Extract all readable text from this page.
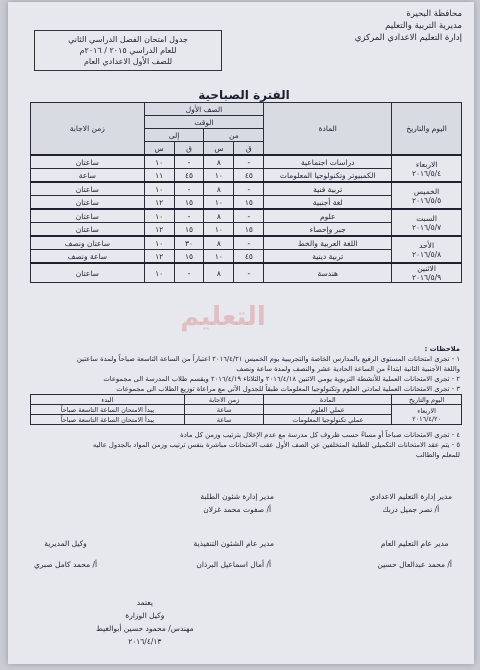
محافظة البحيرة
مديرية التربية والتعليم
إدارة التعليم الاعدادي المركزي
جدول امتحان الفصل الدراسي الثاني
للعام الدراسي ٢٠١٥ / ٢٠١٦م
للصف الأول الاعدادي العام
الفترة الصباحية
اليوم والتاريخ	المادة	الصف الأول				زمن الاجابة
		الوقت				
		من		إلى		
		ق	س	ق	س	

الاربعاء
٢٠١٦/٥/٤	دراسات اجتماعية	-	٨	-	١٠	ساعتان
	الكمبيوتر وتكنولوجيا المعلومات	٤٥	١٠	٤٥	١١	ساعة

الخميس
٢٠١٦/٥/٥	تربية فنية	-	٨	-	١٠	ساعتان
	لغة أجنبية	١٥	١٠	١٥	١٢	ساعتان

السبت
٢٠١٦/٥/٧	علوم	-	٨	-	١٠	ساعتان
	جبر وإحصاء	١٥	١٠	١٥	١٢	ساعتان

الأحد
٢٠١٦/٥/٨	اللغة العربية والخط	-	٨	٣٠	١٠	ساعتان ونصف
	تربية دينية	٤٥	١٠	١٥	١٢	ساعة ونصف

الاثنين
٢٠١٦/٥/٩	هندسة	-	٨	-	١٠	ساعتان
التعليم
ملاحظات :
١ - تجرى امتحانات المستوى الرفيع بالمدارس الخاصة والتجريبية يوم الخميس ٢٠١٦/٤/٢١ اعتباراً من الساعة التاسعة صباحاً ولمدة ساعتين
واللغة الأجنبية الثانية ابتداءً من الساعة الحادية عشر والنصف ولمدة ساعة ونصف
٢ - تجرى الامتحانات العملية للأنشطة التربوية يومي الاثنين ٢٠١٦/٤/١٨ والثلاثاء ٢٠١٦/٤/١٩ ويقسم طلاب المدرسة الى مجموعات
٣ - تجرى الامتحانات العملية لمادتي العلوم وتكنولوجيا المعلومات طبقاً للجدول الآتي مع مراعاة توزيع الطلاب الى مجموعات
اليوم والتاريخ	المادة	زمن الاجابة	البدء

الاربعاء
٢٠١٦/٤/٢٠	عملي العلوم	ساعة	يبدأ الامتحان الساعة التاسعة صباحاً
	عملي تكنولوجيا المعلومات	ساعة	يبدأ الامتحان الساعة التاسعة صباحاً
٤ - تجرى الامتحانات صباحاً أو مساءً حسب ظروف كل مدرسة مع عدم الإخلال بترتيب وزمن كل مادة
٥ - يتم عقد الامتحانات التكميلي للطلبة المتخلفين عن الصف الأول عقب الامتحانات مباشرة بنفس ترتيب وزمن المواد بالجدول عاليه
للمعلم والطالب
مدير إدارة التعليم الاعدادي
أ/ نصر جميل دربك
مدير إدارة شئون الطلبة
أ/ صفوت محمد غزلان
مدير عام التعليم العام
أ/ محمد عبدالعال حسين
مدير عام الشئون التنفيذية
أ/ أمال اسماعيل البرذان
وكيل المديرية
أ/ محمد كامل صبري
يعتمد
وكيل الوزارة
مهندس/ محمود حسين أبوالغيط
٢٠١٦/٤/١٣
